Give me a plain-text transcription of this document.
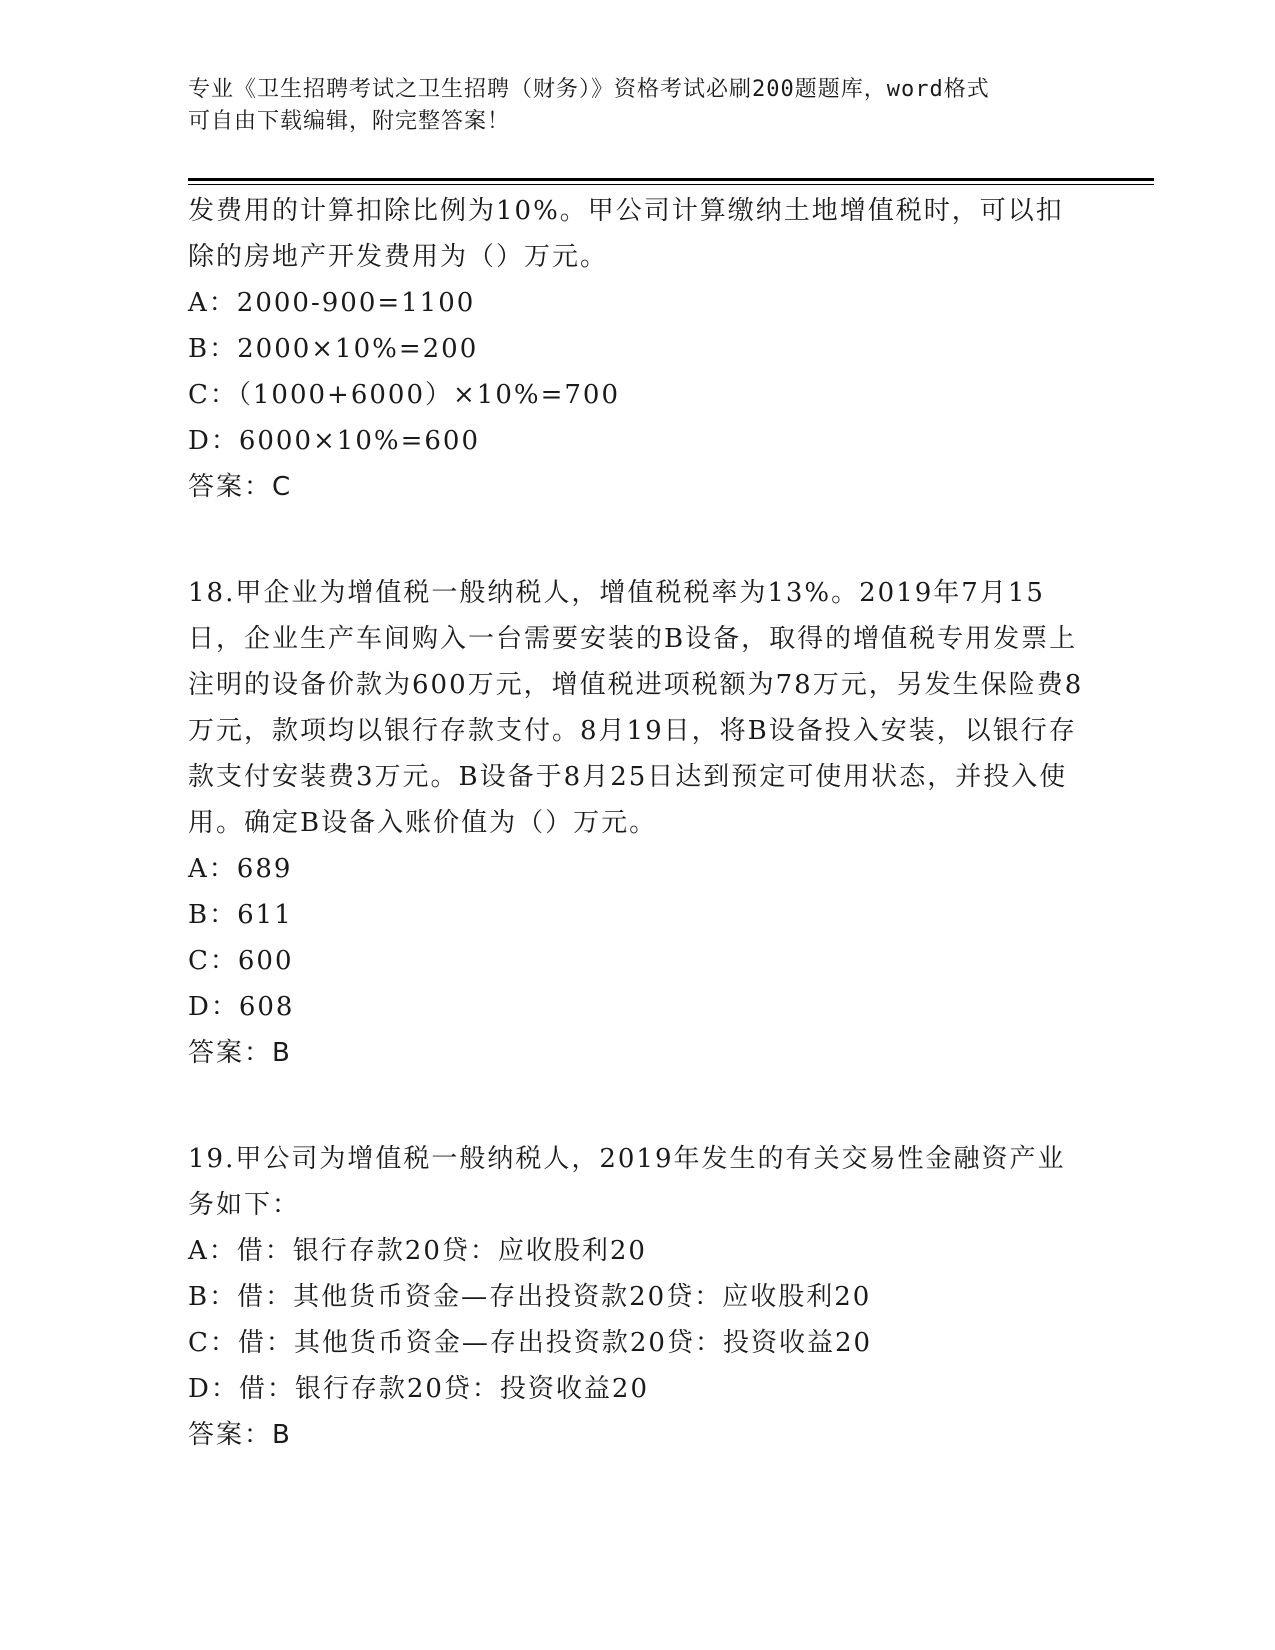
专业《卫生招聘考试之卫生招聘（财务）》资格考试必刷200题题库，word格式
可自由下载编辑，附完整答案！

发费用的计算扣除比例为10%。甲公司计算缴纳土地增值税时，可以扣除的房地产开发费用为（）万元。

A：2000-900=1100

B：2000×10%=200

C：（1000+6000）×10%=700

D：6000×10%=600

答案：C

18.甲企业为增值税一般纳税人，增值税税率为13%。2019年7月15日，企业生产车间购入一台需要安装的B设备，取得的增值税专用发票上注明的设备价款为600万元，增值税进项税额为78万元，另发生保险费8万元，款项均以银行存款支付。8月19日，将B设备投入安装，以银行存款支付安装费3万元。B设备于8月25日达到预定可使用状态，并投入使用。确定B设备入账价值为（）万元。

A：689

B：611

C：600

D：608

答案：B

19.甲公司为增值税一般纳税人，2019年发生的有关交易性金融资产业务如下：

A：借：银行存款20贷：应收股利20

B：借：其他货币资金—存出投资款20贷：应收股利20

C：借：其他货币资金—存出投资款20贷：投资收益20

D：借：银行存款20贷：投资收益20

答案：B
